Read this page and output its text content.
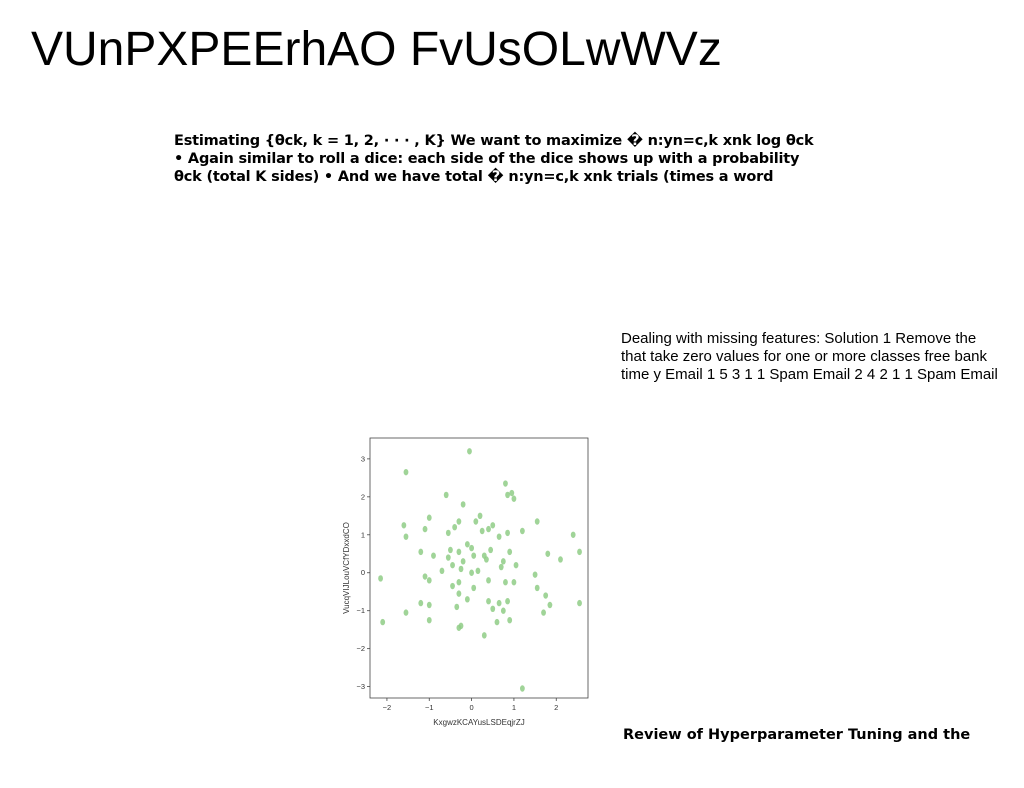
VUnPXPEErhAO FvUsOLwWVz
Estimating {θck, k = 1, 2, · · · , K} We want to maximize � n:yn=c,k xnk log θck
• Again similar to roll a dice: each side of the dice shows up with a probability
θck (total K sides) • And we have total � n:yn=c,k xnk trials (times a word
Dealing with missing features: Solution 1 Remove the
that take zero values for one or more classes free bank
time y Email 1 5 3 1 1 Spam Email 2 4 2 1 1 Spam Email
−2	−1	0	1	2
−3
−2
−1
0
1
2
3
KxgwzKCAYusLSDEqjrZJ
VucqVIJLouVCfYDxxdCO
Review of Hyperparameter Tuning and the
